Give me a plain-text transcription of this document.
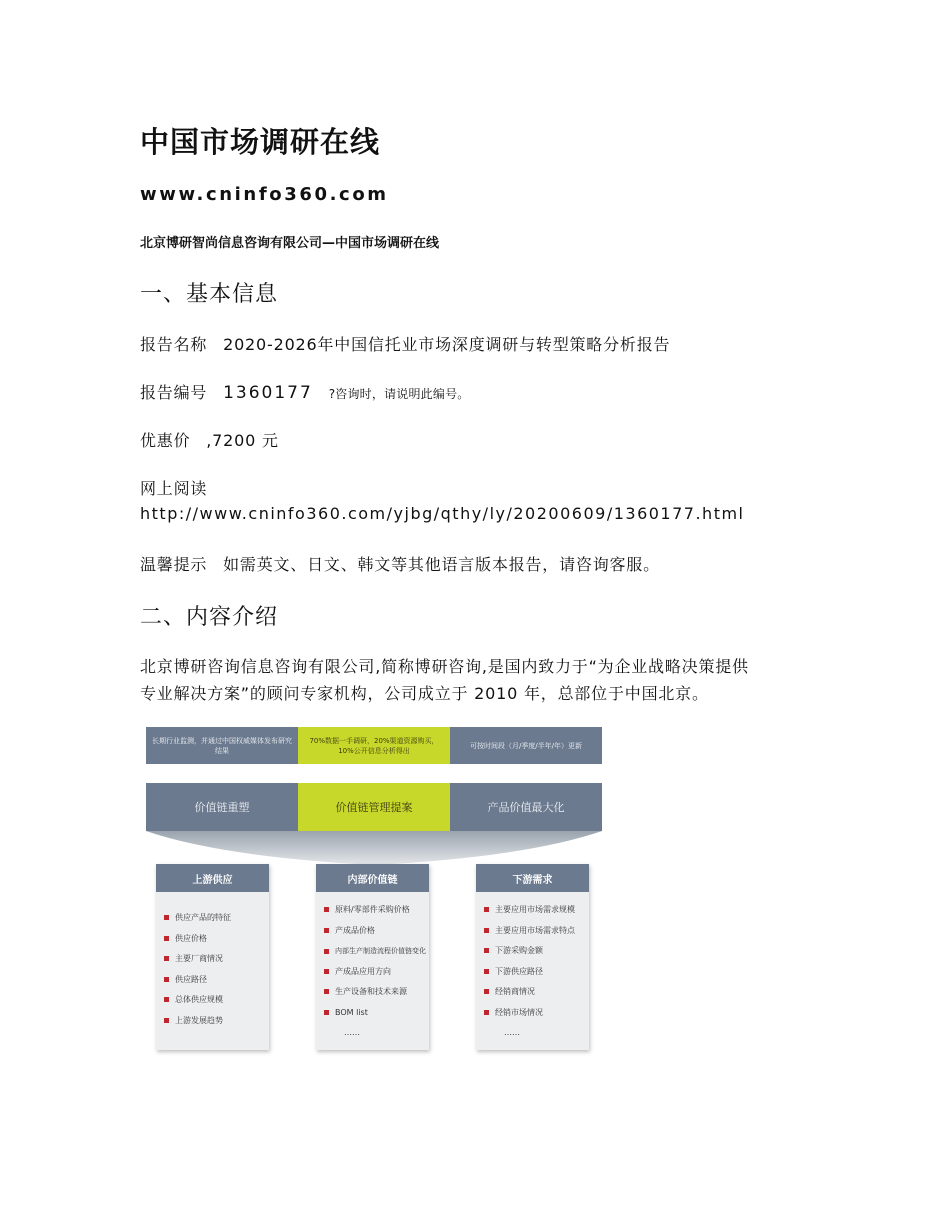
中国市场调研在线
www.cninfo360.com
北京博研智尚信息咨询有限公司—中国市场调研在线
一、基本信息
报告名称 2020-2026年中国信托业市场深度调研与转型策略分析报告
报告编号 1360177 ?咨询时，请说明此编号。
优惠价 ,7200 元
网上阅读
http://www.cninfo360.com/yjbg/qthy/ly/20200609/1360177.html
温馨提示 如需英文、日文、韩文等其他语言版本报告，请咨询客服。
二、内容介绍
北京博研咨询信息咨询有限公司,简称博研咨询,是国内致力于“为企业战略决策提供
专业解决方案”的顾问专家机构，公司成立于 2010 年，总部位于中国北京。
长期行业监测，并通过中国权威媒体发布研究结果
70%数据一手调研，20%渠道资源购买，10%公开信息分析得出
可按时间段（月/季度/半年/年）更新
价值链重塑	价值链管理提案	产品价值最大化
上游供应
供应产品的特征
供应价格
主要厂商情况
供应路径
总体供应规模
上游发展趋势
内部价值链
原料/零部件采购价格
产成品价格
内部生产制造流程价值链变化
产成品应用方向
生产设备和技术来源
BOM list
……
下游需求
主要应用市场需求规模
主要应用市场需求特点
下游采购金额
下游供应路径
经销商情况
经销市场情况
……
